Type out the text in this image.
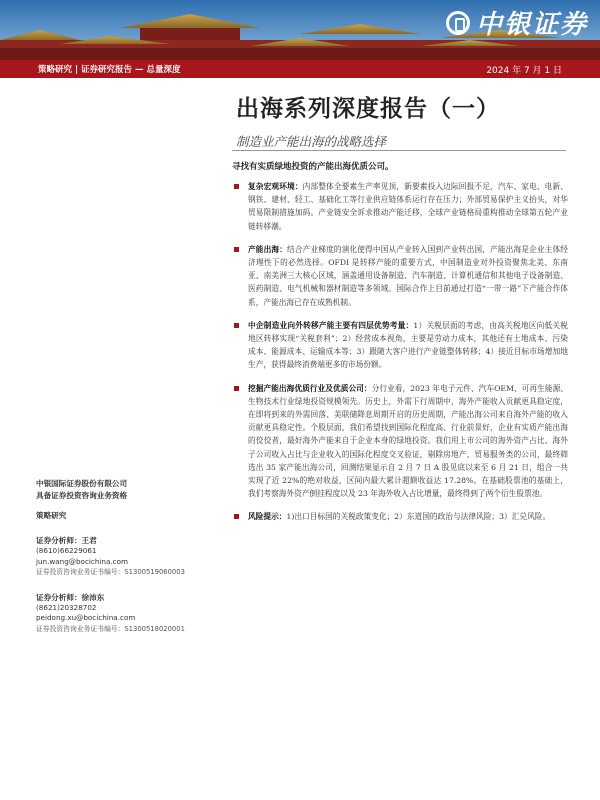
中银证券
策略研究 | 证券研究报告 — 总量深度	2024 年 7 月 1 日
出海系列深度报告（一）
制造业产能出海的战略选择
寻找有实质绿地投资的产能出海优质公司。
复杂宏观环境：内部整体全要素生产率见顶，新要素投入边际回报不足，汽车、家电、电新、钢铁、建材、轻工、基础化工等行业供应链体系运行存在压力；外部贸易保护主义抬头，对华贸易限制措施加码。产业链安全诉求推动产能迁移，全球产业链格局重构推动全球第五轮产业链转移潮。
产能出海：结合产业梯度的演化使得中国从产业转入国到产业转出国，产能出海是企业主体经济理性下的必然选择。OFDI 是转移产能的重要方式，中国制造业对外投资聚焦北美、东南亚、南美洲三大核心区域，涵盖通用设备制造、汽车制造、计算机通信和其他电子设备制造、医药制造、电气机械和器材制造等多领域。国际合作上目前通过打造“一带一路”下产能合作体系，产能出海已存在成熟机制。
中企制造业向外转移产能主要有四层优势考量：1）关税层面的考虑，由高关税地区向低关税地区转移实现“关税套利”；2）经营成本视角，主要是劳动力成本，其他还有土地成本、污染成本、能源成本、运输成本等；3）跟随大客户进行产业链整体转移；4）接近目标市场增加地生产，获得最终消费端更多的市场份额。
挖掘产能出海优质行业及优质公司：分行业看，2023 年电子元件、汽车OEM、可再生能源、生物技术行业绿地投资规模领先。历史上，外需下行周期中，海外产能收入贡献更具稳定度，在即将到来的外需回落、美联储降息周期开启的历史周期，产能出海公司来自海外产能的收入贡献更具稳定性。个股层面，我们希望找到国际化程度高、行业前景好，企业有实质产能出海的佼佼者，最好海外产能来自于企业本身的绿地投资。我们用上市公司的海外资产占比、海外子公司收入占比与企业收入的国际化程度交叉验证，剔除房地产、贸易服务类的公司，最终筛选出 35 家产能出海公司，回测结果显示自 2 月 7 日 A 股见底以来至 6 月 21 日，组合一共实现了近 22%的绝对收益，区间内最大累计超额收益达 17.28%。在基础股票池的基础上，我们考察海外资产倒挂程度以及 23 年海外收入占比增量，最终得到了两个衍生股票池。
风险提示：1)出口目标国的关税政策变化；2）东道国的政治与法律风险；3）汇兑风险。
中银国际证券股份有限公司
具备证券投资咨询业务资格
策略研究
证券分析师：王君
(8610)66229061
jun.wang@bocichina.com
证券投资咨询业务证书编号：S1300519060003
证券分析师：徐沛东
(8621)20328702
peidong.xu@bocichina.com
证券投资咨询业务证书编号：S1300518020001
